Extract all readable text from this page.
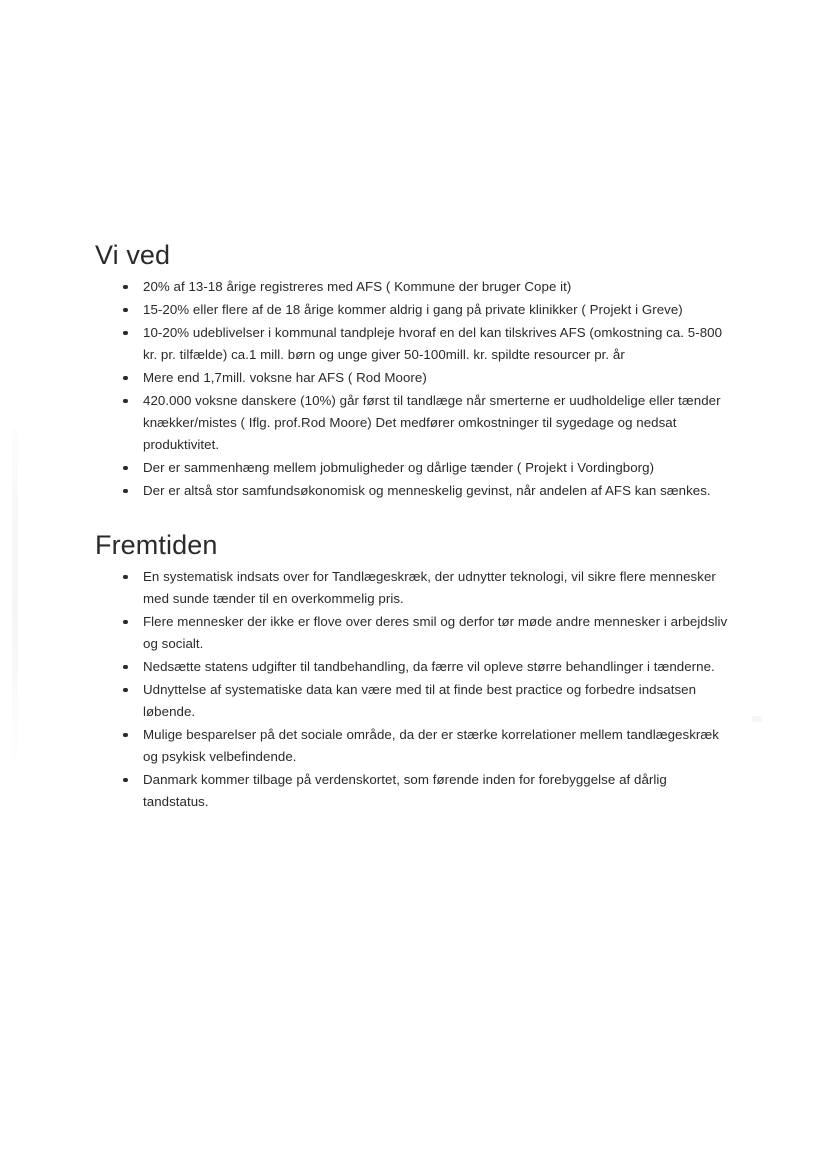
Vi ved
20% af 13-18 årige registreres med AFS ( Kommune der bruger Cope it)
15-20% eller flere af de 18 årige kommer aldrig i gang på private klinikker ( Projekt i Greve)
10-20% udeblivelser i kommunal tandpleje hvoraf en del kan tilskrives AFS (omkostning ca. 5-800 kr. pr. tilfælde) ca.1 mill. børn og unge giver 50-100mill. kr. spildte resourcer pr. år
Mere end 1,7mill. voksne har AFS ( Rod Moore)
420.000 voksne danskere (10%) går først til tandlæge når smerterne er uudholdelige eller tænder knækker/mistes ( Iflg. prof.Rod Moore) Det medfører omkostninger til sygedage og nedsat produktivitet.
Der er sammenhæng mellem jobmuligheder og dårlige tænder ( Projekt i Vordingborg)
Der er altså stor samfundsøkonomisk og menneskelig gevinst, når andelen af AFS kan sænkes.
Fremtiden
En systematisk indsats over for Tandlægeskræk, der udnytter teknologi, vil sikre flere mennesker med sunde tænder til en overkommelig pris.
Flere mennesker der ikke er flove over deres smil og derfor tør møde andre mennesker i arbejdsliv og socialt.
Nedsætte statens udgifter til tandbehandling, da færre vil opleve større behandlinger i tænderne.
Udnyttelse af systematiske data kan være med til at finde best practice og forbedre indsatsen løbende.
Mulige besparelser på det sociale område, da der er stærke korrelationer mellem tandlægeskræk og psykisk velbefindende.
Danmark kommer tilbage på verdenskortet, som førende inden for forebyggelse af dårlig tandstatus.
